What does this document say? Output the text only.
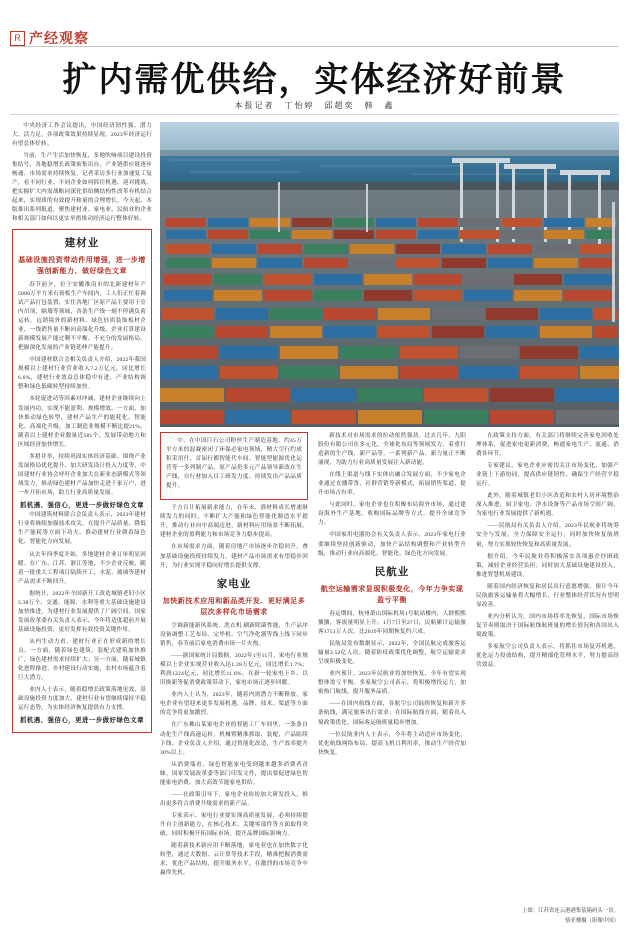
R 产经观察
扩内需优供给，实体经济好前景
本报记者　丁怡婷　邱超奕　韩　鑫

中央经济工作会议提出，中国经济韧性强、潜力大、活力足，各项政策效果持续显现。2023年经济运行有望总体好转。

当前，生产生活加快恢复，多地吹响项目建设投资集结号，各地稳增长政策密集出台，产业链供应链逐步畅通、市场需求持续恢复。记者采访多行业加速复工复产，看不同行业、不同企业如何抓住机遇、迎对挑战、把实握扩大内需战略同深化供给侧结构性改革有机结合起来，实现质的有效提升和量的合理增长。今天起，本版推出系列报道，聚焦建材业、家电业、民航业的企业和相关部门如何以更实举措推动经济运行整体好转。

建材业
基础设施投资带动件用增强，进一步增强创新能力、做好绿色文章

春节前夕，位于安徽淮南市的北新建材年产5000万平方米石膏板生产车间内，工人们正忙着调试产品打包装置，实住各地厂区原产品主要用于室内吊顶、隔墙等领域，各条生产线一刻不停满负荷运转。远销境外的新材料、绿色轻质装饰板材企业，一线销售量不断向高端化升级，企业打算建设新规模发展产能过剩不平衡、不充分的发展格局，把握深化发展的产业链延伸产能提升。

中国建材联合会相关负责人介绍，2022年我国规模以上建材行业营业收入7.2万亿元，同比增长6.6%，建材行业效益总体稳中有进，产业结构调整和绿色低碳转型持续加快。

本轮促进动等因素对冲减，建材企业继续向上发展内功，实现不能盈利、规模增效。一方面，加快推动绿色转型，建材产品生产的能耗化、智能化、高端化升级。加工制造业规模不断比提21%，随着以上建材企业数量近581个，发展带动地方和区域经济加快增长。

多措并举，持续巩固实体经济基础。围绕产业发展格局优化提升、加大研发设计投入力度等，中国建材行业协会呼吁企业加大在新业态新模式等领域发力，推动绿色建材产品加快走进千家万户，进一步开拓市场，助力行业高质量发展。

抓机遇、强信心，更进一步做好绿色文章

中国建筑材料联合会负责人表示，2023年建材行业将继续加强技术攻关，在提升产品质量、降低生产能耗等方面下功夫，推动建材行业朝着绿色化、智能化方向发展。

从去年四季度开始，多地建材企业订单明显回暖。在广东、江苏、浙江等地，不少企业反映，随着一批重大工程项目陆续开工，水泥、玻璃等建材产品需求不断回升。

据统计，2022年全国新开工改造城镇老旧小区5.38万个、交通、能源、水利等重大基础设施建设加快推进，为建材行业发展提供了广阔空间。国家发展改革委有关负责人表示，今年将适度超前开展基础设施投资，更好发挥有效投资关键作用。

从内生动力看，建材行业正在形成新的增长点。一方面，随着绿色建筑、装配式建筑加快推广，绿色建材需求持续扩大；另一方面，随着城镇化进程推进、乡村建设行动实施，农村市场蕴含着巨大潜力。

业内人士表示，随着稳增长政策落地见效、基础设施投资力度加大，建材行业有望继续保持平稳运行态势，为实体经济恢复提供有力支撑。

抓机遇、强信心，更进一步做好绿色文章

中、在中国巨石公司粉丝生产制造基地，约45万平方米的混凝密闭了环保必家电领域，精大空行约成积采用什、首届行都智能代车间、智能型能源优化运营等一多列制产品、原产品仍多元产品领导新改在生产线，自行材加入目工研发力度、持续发出产品品质提升。

千方百计拓展新求能力，在年末、淮材料成长增速继续发力的同时，不断扩大产能和绿色智能化制造水平提升，推动行业向中高端迈进，新材料应用场景不断拓展，建材企业的盈利能力和市场竞争力稳步提高。

在市场需求方面，随着房地产市场逐步企稳回升，叠加基础设施投资持续发力，建材产品市场需求有望稳步回升，为行业实现平稳向好增长提供支撑。

家电业
加快新技术应用和新品类开发、更好满足多层次多样化市场需求

空调新能新风系统、洗衣机 刷新除菌性能，生产品序设备调整工艺布局、完毕机、空气净化器等线上线下同步销售，春节前后家电消费市场一片火热。

——据国家统计局数据，2022年1至11月，家电行业规模以上企业实现营业收入达1.28万亿元，同比增长1.7%；利润1224亿元，同比增长11.6%。在新一轮家电下乡、以旧换新等促消费政策带动下，家电市场正逐步回暖。

业内人士认为，2023年，随着内需潜力不断释放，家电企业有望迎来更多发展机遇，品牌、技术、渠道等方面的竞争将更加激烈。

在广东佛山某家电企业的智能工厂车间里，一条条自动化生产线高速运转，机械臂精准抓取、装配，产品陆续下线。企业负责人介绍，通过智能化改造，生产效率提升30%以上。

从消费端看，绿色智能家电受到越来越多消费者青睐。国家发展改革委等部门印发文件，提出要促进绿色智能家电消费，加大高效节能家电供给。

——在政策引导下，家电企业纷纷加大研发投入，推出更多符合消费升级需求的新产品。

专家表示，家电行业要实现高质量发展，必须持续提升自主创新能力，在核心技术、关键零部件等方面取得突破，同时积极开拓国际市场，提升品牌国际影响力。

随着新技术新应用不断落地，家电业也在加快数字化转型，通过大数据、云计算等技术手段，精准把握消费需求，优化产品结构，提升服务水平，在激烈的市场竞争中赢得先机。

新技术对市场需求的拉动依然强劲。过去几年，九阳股份有限公司在多元化、全球化布局等领域发力，着重打造新的生产线、新产品等，一系列新产品、新力量正不断涌现，为助力行业高质量发展注入新动能。

在线上渠道与线下实体店融合发展方面，不少家电企业通过直播带货、社群营销等新模式，拓展销售渠道，提升市场占有率。

与此同时，家电企业也在积极布局海外市场，通过建设海外生产基地、收购国际品牌等方式，提升全球竞争力。

中国家用电器协会有关负责人表示，2023年家电行业要继续坚持创新驱动，加快产品结构调整和产业转型升级，推动行业向高端化、智能化、绿色化方向发展。

民航业
航空运输需求显现积极变化，今年力争实现盈亏平衡

春运期间，杭州萧山国际机场1号航站楼内，人群熙熙攘攘，客流量明显上升。1月7日至27日，民航累计运输旅客1751万人次，比2019年同期恢复约六成。

民航局发布数据显示，2022年，全国民航完成旅客运输量2.52亿人次。随着防疫政策优化调整，航空运输需求呈现积极变化。

业内预计，2023年民航业将加快恢复，全年有望实现整体盈亏平衡。多家航空公司表示，将积极增投运力，加密热门航线，提升服务品质。

——在国内航线方面，各航空公司陆续恢复和新开多条航线，满足旅客出行需求；在国际航线方面，随着出入境政策优化，国际客运航班量稳步增加。

一位民航业内人士表示，今年将主动适应市场变化，优化航线网络布局，提高飞机日利用率，推动生产经营加快恢复。

在政策支持方面，有关部门将继续完善家电回收处理体系，促进家电更新消费，畅通家电生产、流通、消费各环节。

专家建议，家电企业应密切关注市场变化，加强产业链上下游协同，提高供应链韧性，确保生产经营平稳运行。

此外，随着城镇老旧小区改造和农村人居环境整治深入推进，厨卫家电、净水设备等产品市场空间广阔，为家电行业发展提供了新机遇。

——民航局有关负责人介绍，2023年民航业将统筹安全与发展，全力保障安全运行，同时加快恢复航班量，努力实现较快恢复和高质量发展。

据介绍，今年民航业将积极落实各项惠企纾困政策，减轻企业经营负担；同时加大基础设施建设投入，推进智慧机场建设。

随着国内经济恢复和居民出行意愿增强，预计今年民航旅客运输量将大幅增长，行业整体经营状况有望明显改善。

业内分析认为，国内市场将率先恢复，国际市场恢复节奏则取决于国际航线航班量的增长情况和各国出入境政策。

多家航空公司负责人表示，将抓住市场复苏机遇，优化运力投放结构，提升精细化管理水平，努力提高经营效益。

上图：江苏省连云港港集装箱码头一景。
骆亚楼摄（影像中国）
